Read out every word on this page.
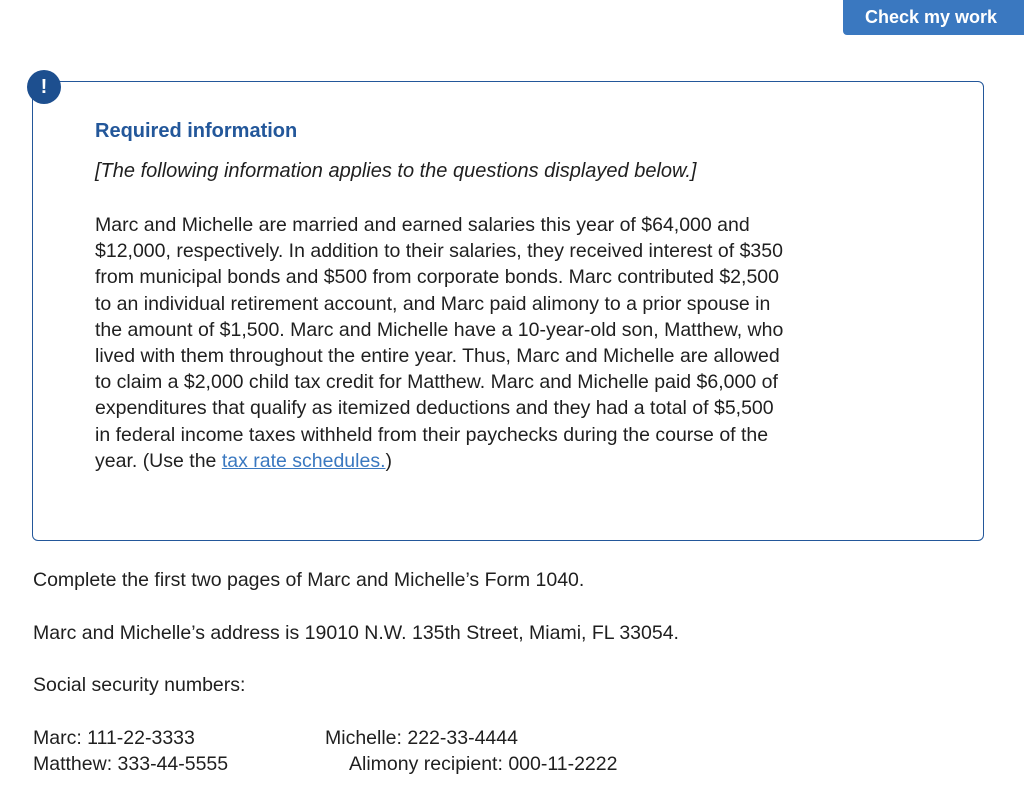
Check my work
!

Required information

[The following information applies to the questions displayed below.]

Marc and Michelle are married and earned salaries this year of $64,000 and
$12,000, respectively. In addition to their salaries, they received interest of $350
from municipal bonds and $500 from corporate bonds. Marc contributed $2,500
to an individual retirement account, and Marc paid alimony to a prior spouse in
the amount of $1,500. Marc and Michelle have a 10-year-old son, Matthew, who
lived with them throughout the entire year. Thus, Marc and Michelle are allowed
to claim a $2,000 child tax credit for Matthew. Marc and Michelle paid $6,000 of
expenditures that qualify as itemized deductions and they had a total of $5,500
in federal income taxes withheld from their paychecks during the course of the
year. (Use the tax rate schedules.)

Complete the first two pages of Marc and Michelle’s Form 1040.

Marc and Michelle’s address is 19010 N.W. 135th Street, Miami, FL 33054.

Social security numbers:

Marc: 111-22-3333	Michelle: 222-33-4444

Matthew: 333-44-5555	Alimony recipient: 000-11-2222
